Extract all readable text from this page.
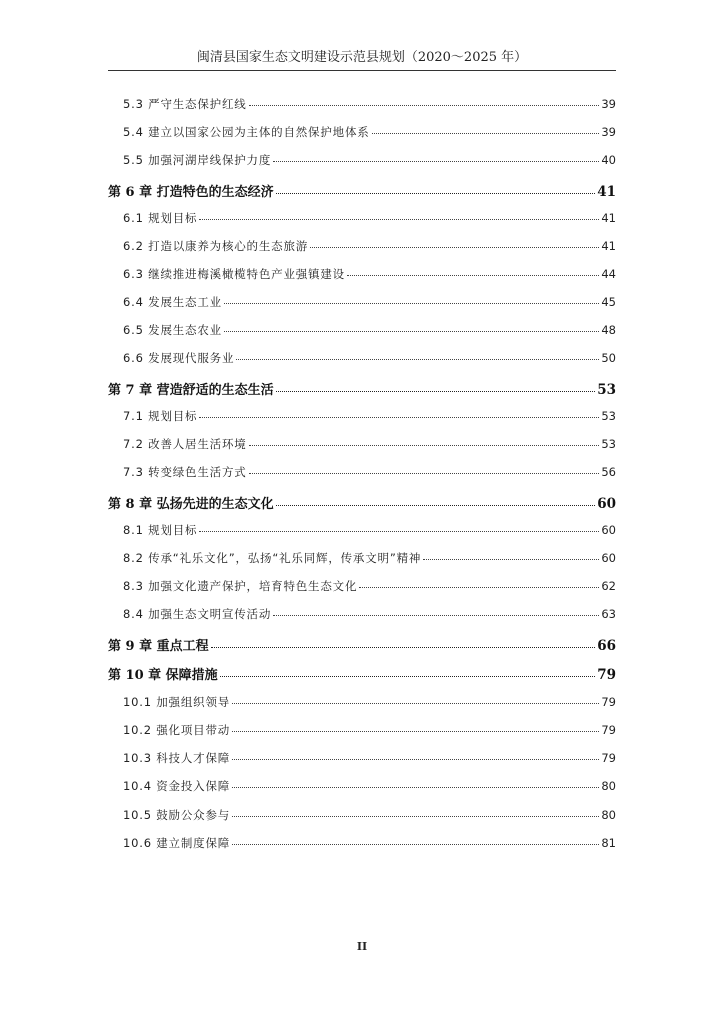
闽清县国家生态文明建设示范县规划（2020～2025 年）
5.3 严守生态保护红线	39
5.4 建立以国家公园为主体的自然保护地体系	39
5.5 加强河湖岸线保护力度	40
第 6 章 打造特色的生态经济	41
6.1 规划目标	41
6.2 打造以康养为核心的生态旅游	41
6.3 继续推进梅溪橄榄特色产业强镇建设	44
6.4 发展生态工业	45
6.5 发展生态农业	48
6.6 发展现代服务业	50
第 7 章 营造舒适的生态生活	53
7.1 规划目标	53
7.2 改善人居生活环境	53
7.3 转变绿色生活方式	56
第 8 章 弘扬先进的生态文化	60
8.1 规划目标	60
8.2 传承“礼乐文化”，弘扬“礼乐同辉，传承文明”精神	60
8.3 加强文化遗产保护，培育特色生态文化	62
8.4 加强生态文明宣传活动	63
第 9 章 重点工程	66
第 10 章 保障措施	79
10.1 加强组织领导	79
10.2 强化项目带动	79
10.3 科技人才保障	79
10.4 资金投入保障	80
10.5 鼓励公众参与	80
10.6 建立制度保障	81
II
